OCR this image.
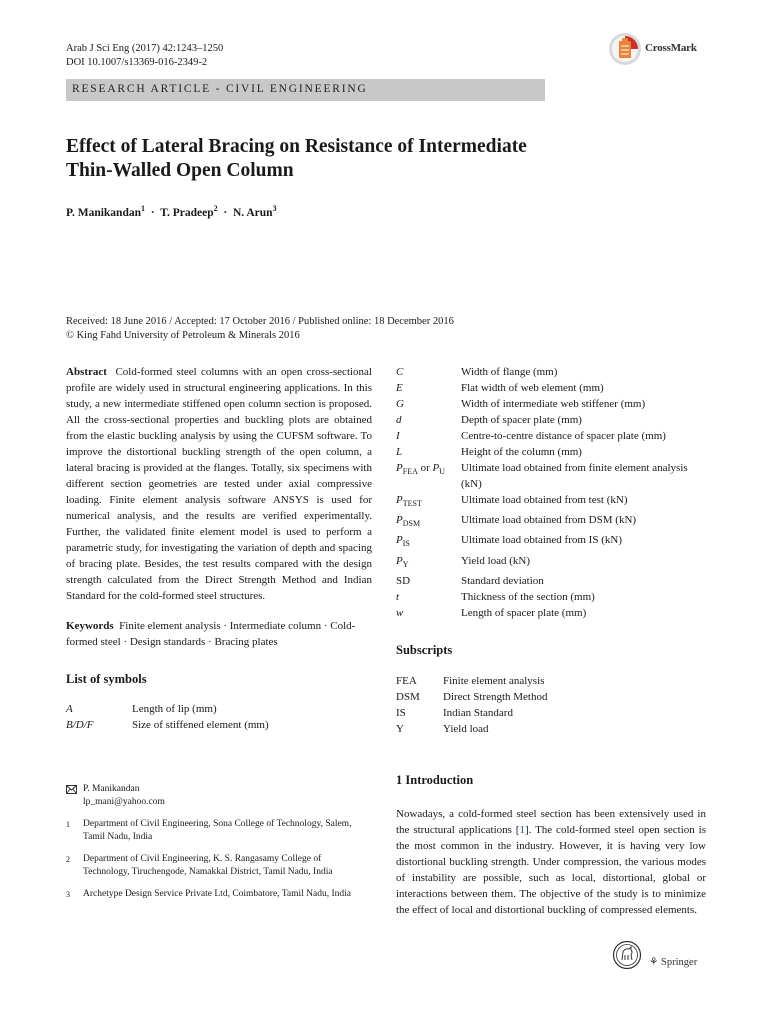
Arab J Sci Eng (2017) 42:1243–1250
DOI 10.1007/s13369-016-2349-2
CrossMark
RESEARCH ARTICLE - CIVIL ENGINEERING
Effect of Lateral Bracing on Resistance of Intermediate
Thin-Walled Open Column
P. Manikandan$^1$ · T. Pradeep$^2$ · N. Arun$^3$
Received: 18 June 2016 / Accepted: 17 October 2016 / Published online: 18 December 2016
© King Fahd University of Petroleum & Minerals 2016

Abstract Cold-formed steel columns with an open cross-sectional profile are widely used in structural engineering applications. In this study, a new intermediate stiffened open column section is proposed. All the cross-sectional properties and buckling plots are obtained from the elastic buckling analysis by using the CUFSM software. To improve the distortional buckling strength of the open column, a lateral bracing is provided at the flanges. Totally, six specimens with different section geometries are tested under axial compressive loading. Finite element analysis software ANSYS is used for numerical analysis, and the results are verified experimentally. Further, the validated finite element model is used to perform a parametric study, for investigating the variation of depth and spacing of bracing plate. Besides, the test results compared with the design strength calculated from the Direct Strength Method and Indian Standard for the cold-formed steel structures.

Keywords Finite element analysis · Intermediate column · Cold-formed steel · Design standards · Bracing plates

List of symbols
A	Length of lip (mm)
B/D/F	Size of stiffened element (mm)
C	Width of flange (mm)
E	Flat width of web element (mm)
G	Width of intermediate web stiffener (mm)
d	Depth of spacer plate (mm)
I	Centre-to-centre distance of spacer plate (mm)
L	Height of the column (mm)
$P_{FEA}$ or $P_U$	Ultimate load obtained from finite element analysis (kN)
$P_{TEST}$	Ultimate load obtained from test (kN)
$P_{DSM}$	Ultimate load obtained from DSM (kN)
$P_{IS}$	Ultimate load obtained from IS (kN)
$P_Y$	Yield load (kN)
SD	Standard deviation
t	Thickness of the section (mm)
w	Length of spacer plate (mm)
Subscripts
FEA	Finite element analysis
DSM	Direct Strength Method
IS	Indian Standard
Y	Yield load
1 Introduction

Nowadays, a cold-formed steel section has been extensively used in the structural applications [1]. The cold-formed steel open section is the most common in the industry. However, it is having very low distortional buckling strength. Under compression, the various modes of instability are possible, such as local, distortional, global or interactions between them. The objective of the study is to minimize the effect of local and distortional buckling of compressed elements.

P. Manikandan
lp_mani@yahoo.com
1 Department of Civil Engineering, Sona College of Technology, Salem, Tamil Nadu, India
2 Department of Civil Engineering, K. S. Rangasamy College of Technology, Tiruchengode, Namakkal District, Tamil Nadu, India
3 Archetype Design Service Private Ltd, Coimbatore, Tamil Nadu, India
⚘ Springer
